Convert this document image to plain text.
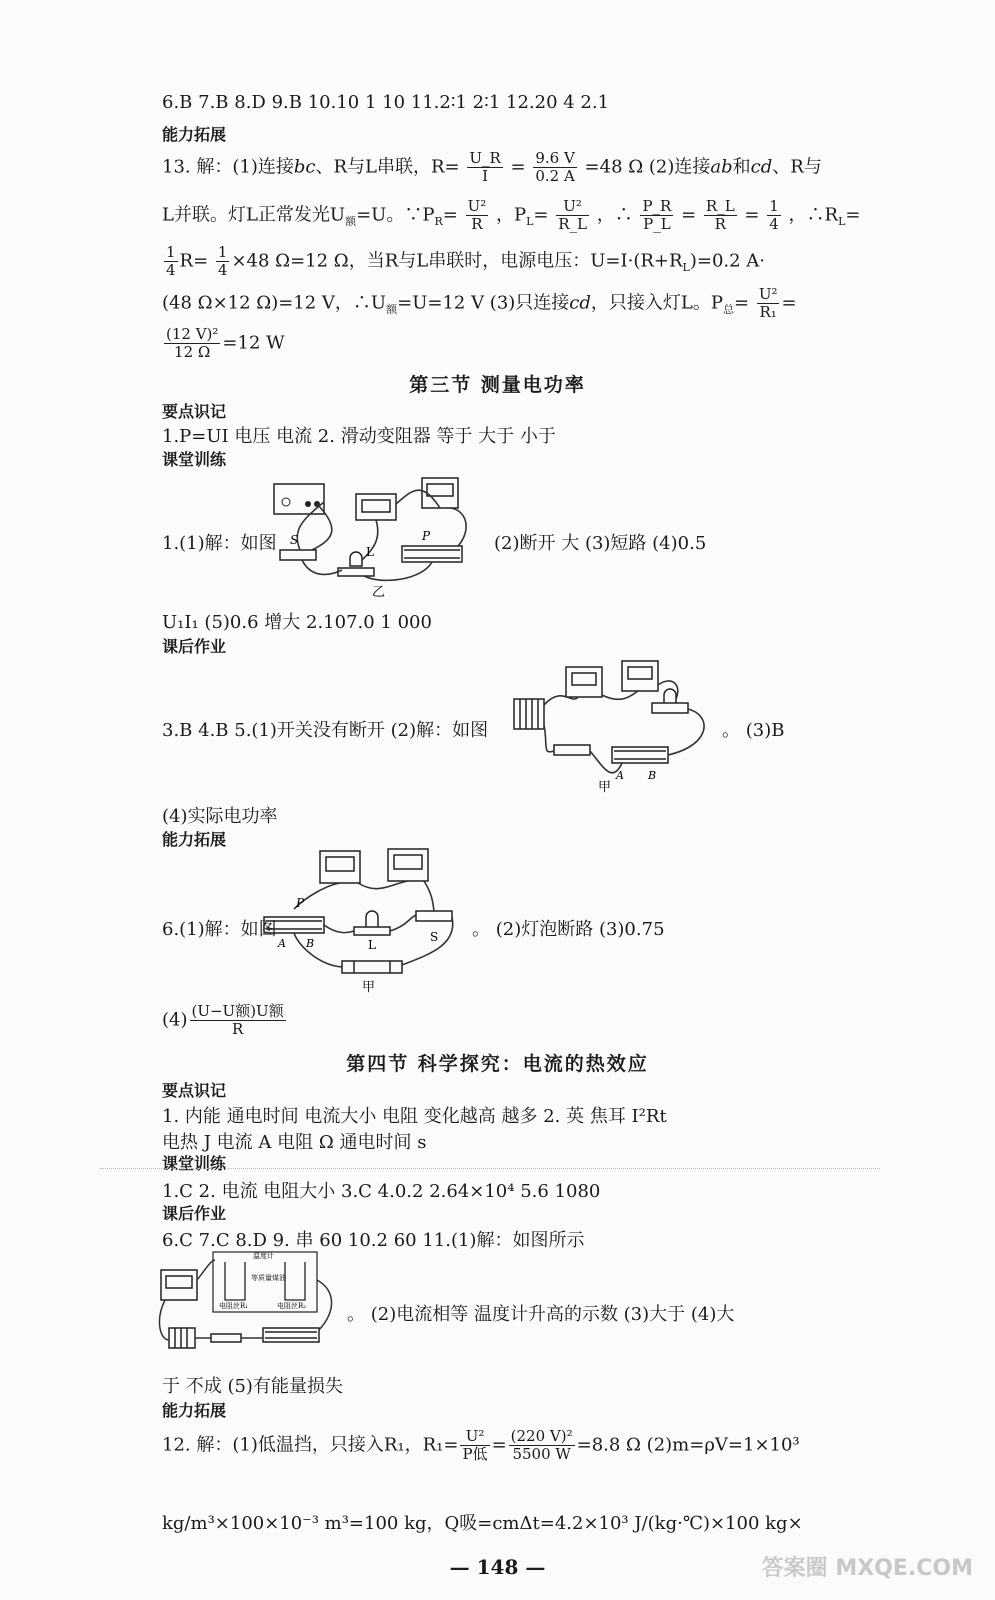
6.B 7.B 8.D 9.B 10.10 1 10 11.2∶1 2∶1 12.20 4 2.1
能力拓展
13. 解：(1)连接bc、R与L串联，$R= \frac{U\_R}{I} = \frac{9.6 V}{0.2 A} =48$ Ω (2)连接ab和cd、R与
L并联。灯L正常发光$U_额=U$。$\because P_R= \frac{\text{U²}}{R}$ ，$P_L= \frac{\text{U²}}{R\_L}$ ，∴ $\frac{P\_R}{P\_L} = \frac{R\_L}{R} = \frac{1}{4}$ ，$\therefore R_L=$
$\frac{1}{4} R= \frac{1}{4} \times 48$ Ω=12 Ω，当R与L串联时，电源电压：$U=I\cdot(R+R_L)=0.2$ A·
(48 Ω×12 Ω)=12 V，$\therefore U_额=U=12$ V (3)只连接cd，只接入灯L。$P_总= \frac{\text{U²}}{\text{R₁}}$ =
$\frac{\text{(12 V)²}}{12 \Omega} =12$ W
第三节 测量电功率
要点识记
1.P=UI 电压 电流 2. 滑动变阻器 等于 大于 小于
课堂训练
S
L
P
乙
1.(1)解：如图	(2)断开 大 (3)短路 (4)0.5
U₁I₁ (5)0.6 增大 2.107.0 1 000
课后作业
A B
甲
3.B 4.B 5.(1)开关没有断开 (2)解：如图	。 (3)B
(4)实际电功率
能力拓展
P
A B	L
S
甲
6.(1)解：如图	。 (2)灯泡断路 (3)0.75
$(4) \frac{\text{(U−U额)U额}}{R}$
第四节 科学探究：电流的热效应
要点识记
1. 内能 通电时间 电流大小 电阻 变化越高 越多 2. 英 焦耳 I²Rt
电热 J 电流 A 电阻 Ω 通电时间 s
课堂训练
1.C 2. 电流 电阻大小 3.C 4.0.2 2.64×10⁴ 5.6 1080
课后作业
6.C 7.C 8.D 9. 串 60 10.2 60 11.(1)解：如图所示
温度计
等质量煤油
电阻丝R₁	电阻丝R₂ 。 (2)电流相等 温度计升高的示数 (3)大于 (4)大
于 不成 (5)有能量损失
能力拓展
12. 解：(1)低温挡，只接入R₁，$R_1= \frac{\text{U²}}{\text{P低}} = \frac{\text{(220 V)²}}{5500 W} =8.8$ Ω (2)m=ρV=1×10³
kg/m³×100×10⁻³ m³=100 kg，Q吸=cmΔt=4.2×10³ J/(kg·℃)×100 kg×
— 148 —	答案圈 MXQE.COM
